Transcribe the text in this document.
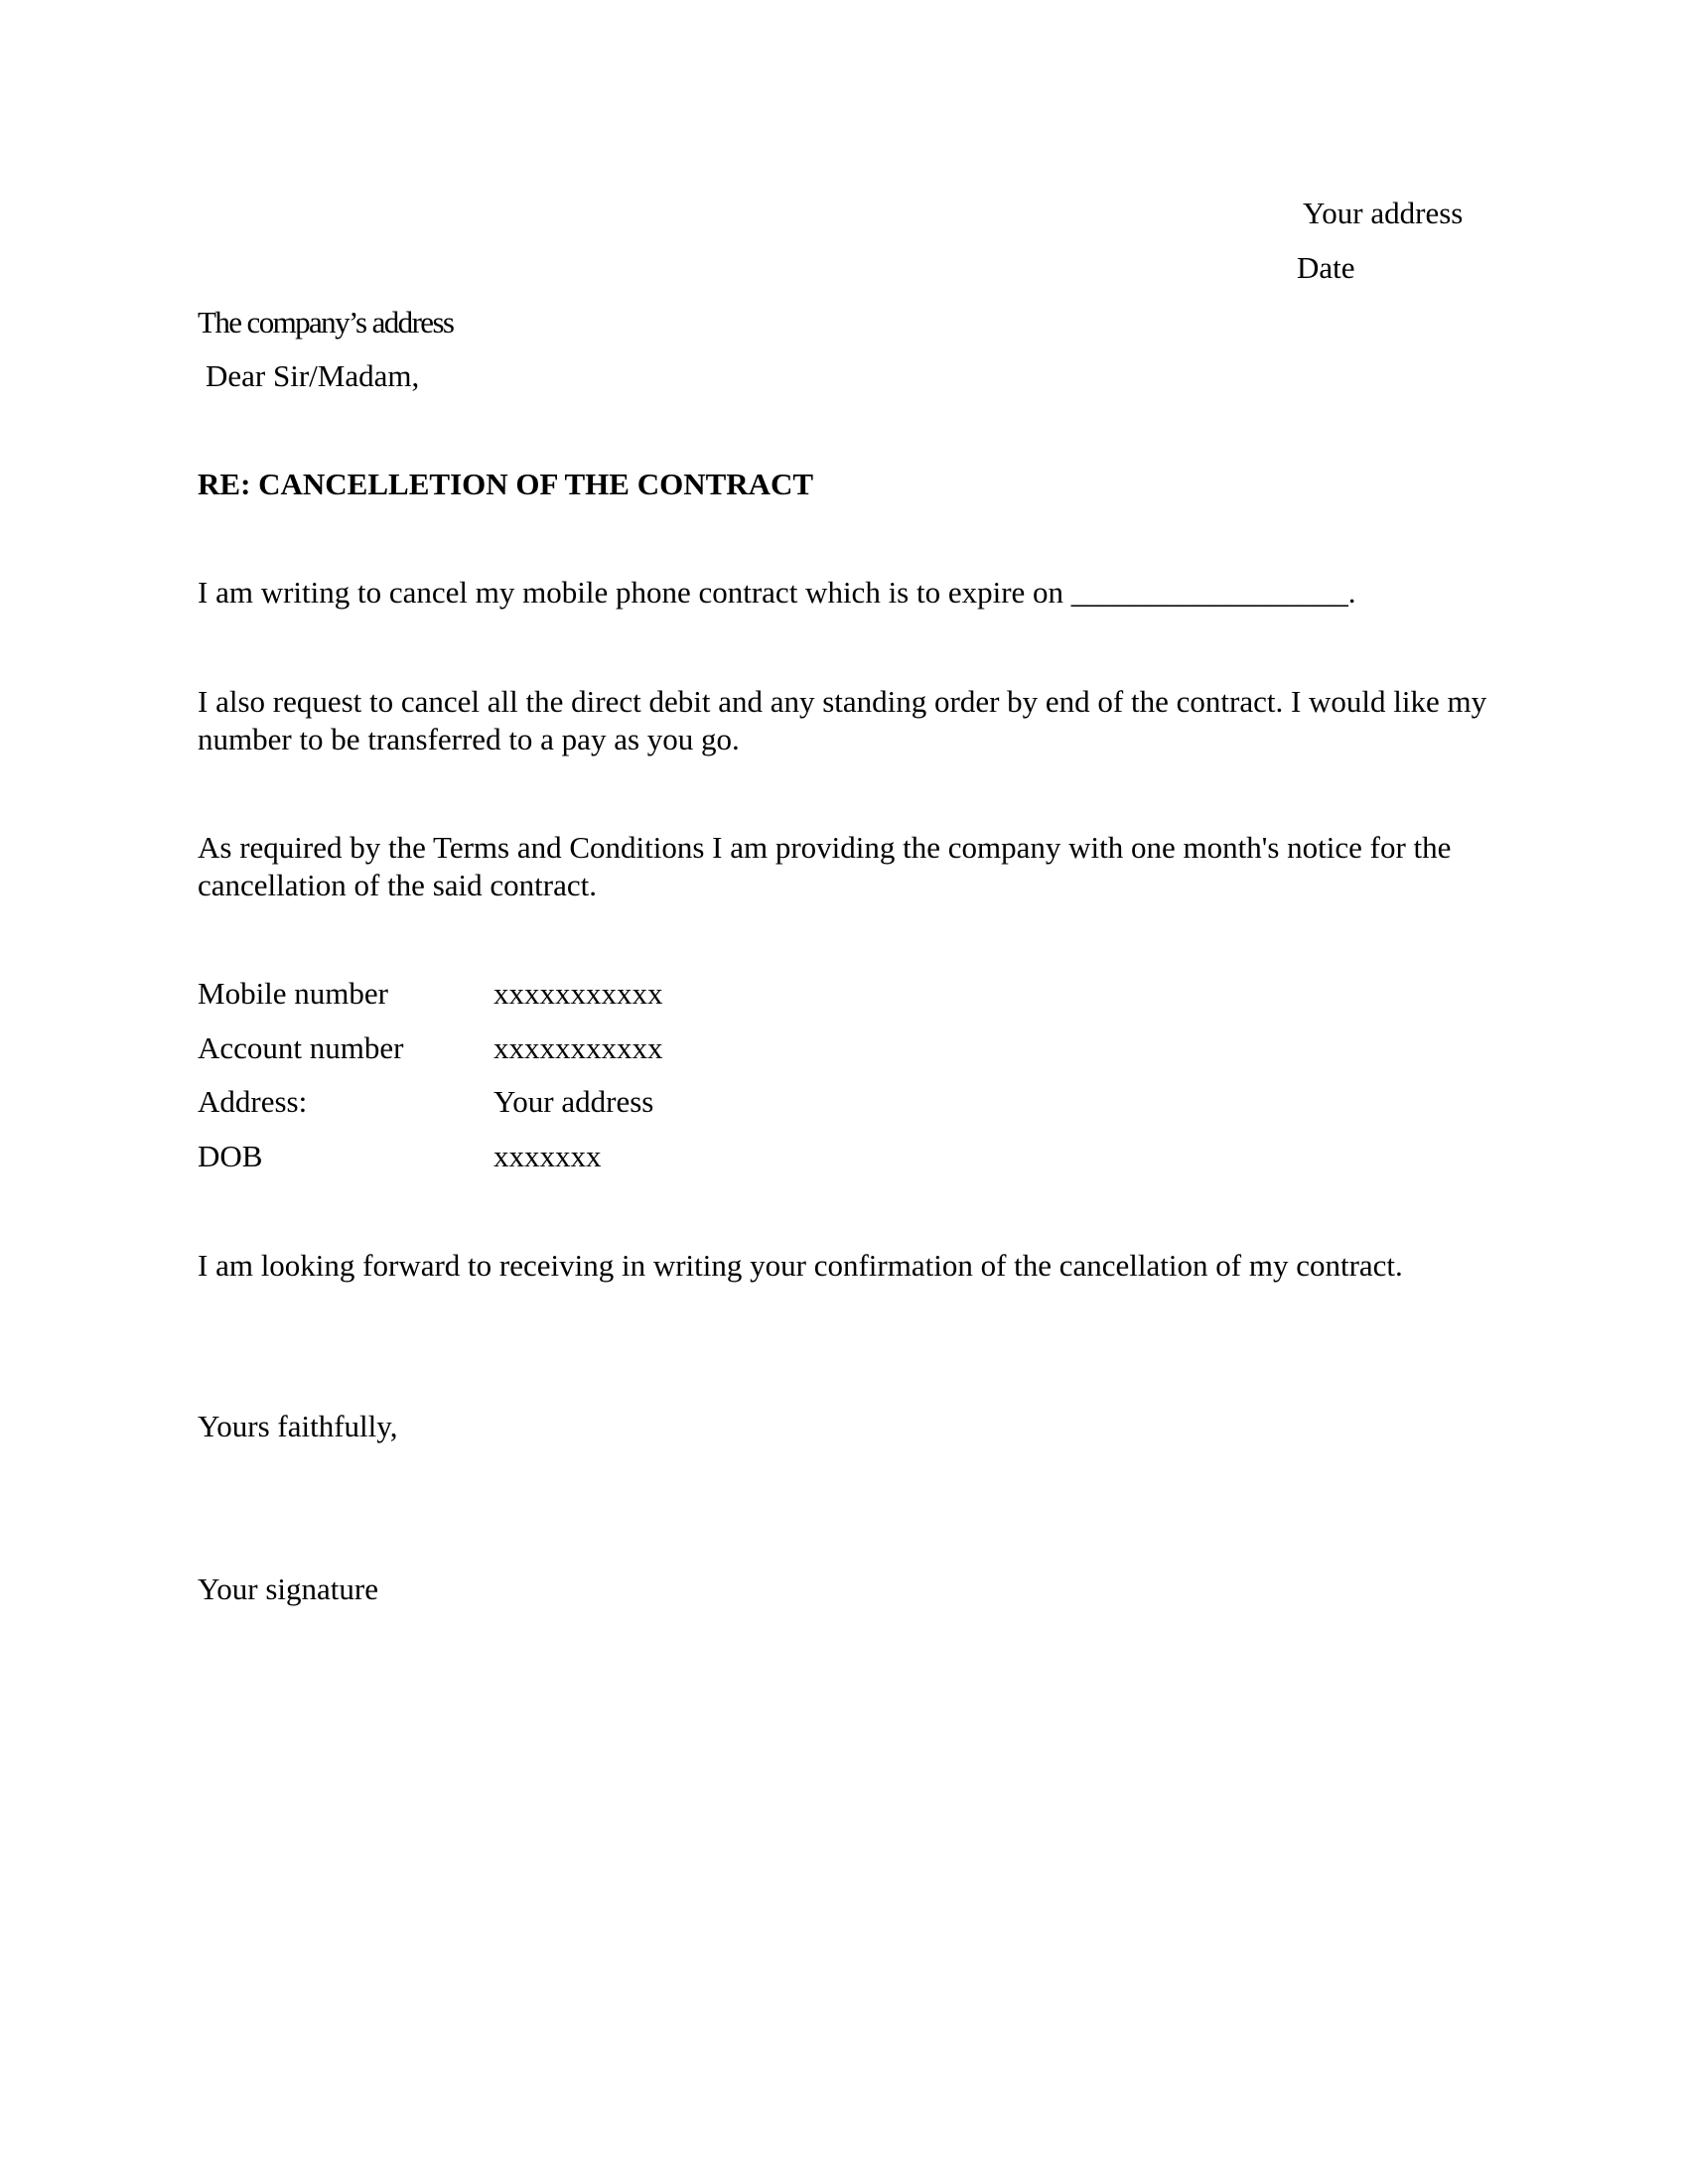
Your address
Date
The company’s address
Dear Sir/Madam,
RE: CANCELLETION OF THE CONTRACT
I am writing to cancel my mobile phone contract which is to expire on __________________.
I also request to cancel all the direct debit and any standing order by end of the contract. I would like my number to be transferred to a pay as you go.
As required by the Terms and Conditions I am providing the company with one month's notice for the cancellation of the said contract.
Mobile number	xxxxxxxxxxx
Account number	xxxxxxxxxxx
Address:	Your address
DOB	xxxxxxx
I am looking forward to receiving in writing your confirmation of the cancellation of my contract.
Yours faithfully,
Your signature
